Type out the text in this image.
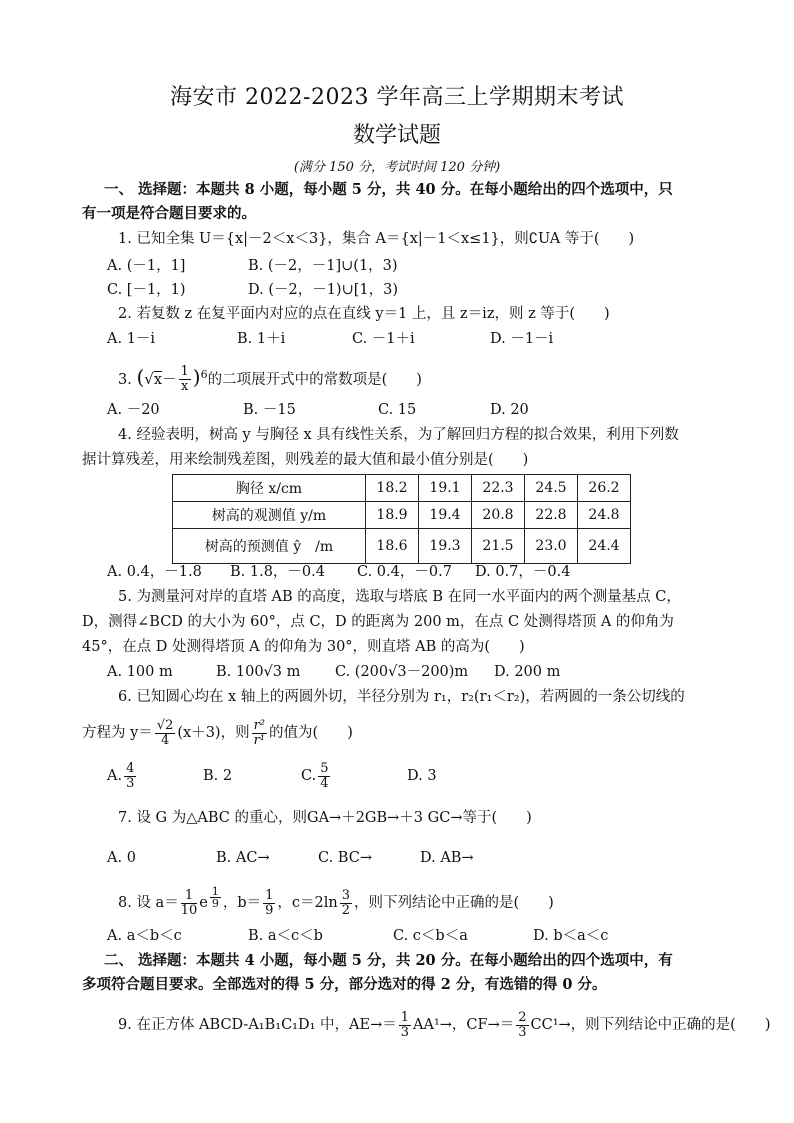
海安市 2022-2023 学年高三上学期期末考试
数学试题
(满分 150 分，考试时间 120 分钟)
一、 选择题：本题共 8 小题，每小题 5 分，共 40 分。在每小题给出的四个选项中，只
有一项是符合题目要求的。
1. 已知全集 U＝{x|－2＜x＜3}，集合 A＝{x|－1＜x≤1}，则∁UA 等于(　　)
A. (－1，1]	B. (－2，－1]∪(1，3)
C. [－1，1)	D. (－2，－1)∪[1，3)
2. 若复数 z 在复平面内对应的点在直线 y＝1 上，且 z＝iz，则 z 等于(　　)
A. 1－i	B. 1＋i	C. －1＋i	D. －1－i
3. $(√x- \frac{1}{x} )^6$的二项展开式中的常数项是(　　)
A. －20	B. －15	C. 15	D. 20
4. 经验表明，树高 y 与胸径 x 具有线性关系，为了解回归方程的拟合效果，利用下列数
据计算残差，用来绘制残差图，则残差的最大值和最小值分别是(　　)
胸径 x/cm	18.2	19.1	22.3	24.5	26.2
树高的观测值 y/m	18.9	19.4	20.8	22.8	24.8
树高的预测值 ŷ　/m	18.6	19.3	21.5	23.0	24.4
A. 0.4，－1.8 B. 1.8，－0.4 C. 0.4，－0.7 D. 0.7，－0.4
5. 为测量河对岸的直塔 AB 的高度，选取与塔底 B 在同一水平面内的两个测量基点 C，
D，测得∠BCD 的大小为 60°，点 C，D 的距离为 200 m，在点 C 处测得塔顶 A 的仰角为
45°，在点 D 处测得塔顶 A 的仰角为 30°，则直塔 AB 的高为(　　)
A. 100 m	B. 100√3 m C. (200√3－200)m D. 200 m
6. 已知圆心均在 x 轴上的两圆外切，半径分别为 r₁，r₂(r₁＜r₂)，若两圆的一条公切线的
方程为 $y= \frac{√2}{4} (x+3)$，则 $\frac{\text{r²}}{\text{r¹}}$ 的值为(　　)
A. $\frac{4}{3}$	B. 2	C. $\frac{5}{4}$	D. 3
7. 设 G 为△ABC 的重心，则GA→＋2GB→＋3 GC→等于(　　)
A. 0	B. AC→	C. BC→	D. AB→
8. 设 $a= \frac{1}{10}$ e $\frac{1}{9}$ ，$b= \frac{1}{9}$ ，$c=2\ln \frac{3}{2}$ ，则下列结论中正确的是(　　)
A. a＜b＜c	B. a＜c＜b	C. c＜b＜a	D. b＜a＜c
二、 选择题：本题共 4 小题，每小题 5 分，共 20 分。在每小题给出的四个选项中，有
多项符合题目要求。全部选对的得 5 分，部分选对的得 2 分，有选错的得 0 分。
9. 在正方体 ABCD-A₁B₁C₁D₁ 中，$AE\to= \frac{1}{3} AA^1\to$，$CF\to= \frac{2}{3} CC^1\to$，则下列结论中正确的是(　　)
